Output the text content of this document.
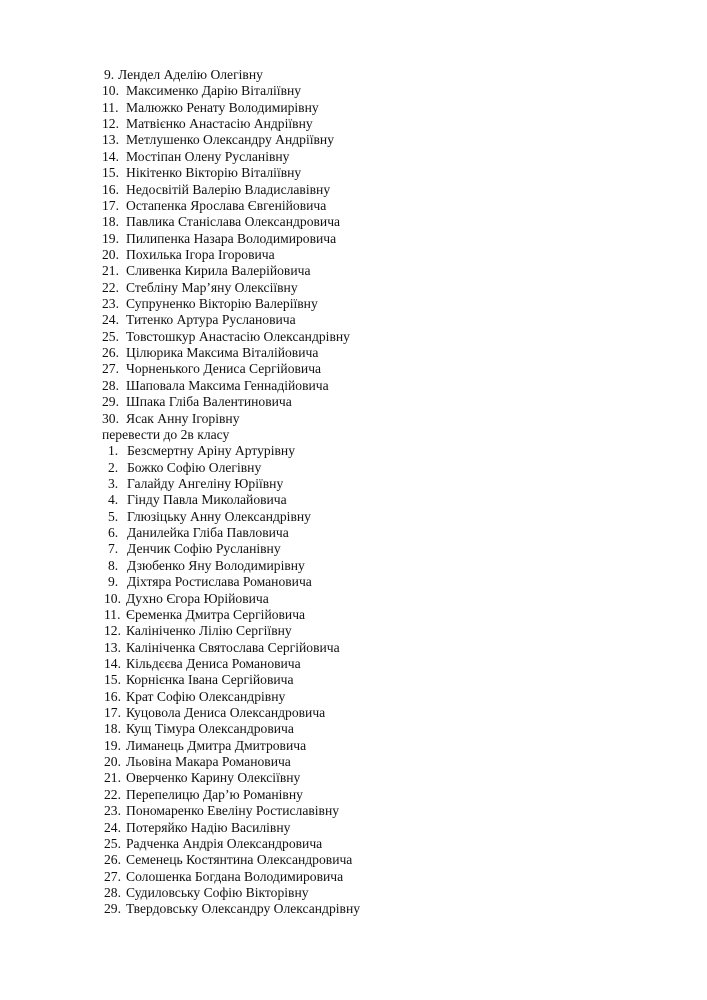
9. Лендел Аделію Олегівну
10. Максименко Дарію Віталіївну
11. Малюжко Ренату Володимирівну
12. Матвієнко Анастасію Андріївну
13. Метлушенко Олександру Андріївну
14. Мостіпан Олену Русланівну
15. Нікітенко Вікторію Віталіївну
16. Недосвітій Валерію Владиславівну
17. Остапенка Ярослава Євгенійовича
18. Павлика Станіслава Олександровича
19. Пилипенка Назара Володимировича
20. Похилька Ігора Ігоровича
21. Сливенка Кирила Валерійовича
22. Стебліну Мар’яну Олексіївну
23. Супруненко Вікторію Валеріївну
24. Титенко Артура Руслановича
25. Товстошкур Анастасію Олександрівну
26. Цілюрика Максима Віталійовича
27. Чорненького Дениса Сергійовича
28. Шаповала Максима Геннадійовича
29. Шпака Гліба Валентиновича
30. Ясак Анну Ігорівну
перевести до 2в класу
1. Безсмертну Аріну Артурівну
2. Божко Софію Олегівну
3. Галайду Ангеліну Юріївну
4. Гінду Павла Миколайовича
5. Глюзіцьку Анну Олександрівну
6. Данилейка Гліба Павловича
7. Денчик Софію Русланівну
8. Дзюбенко Яну Володимирівну
9. Діхтяра Ростислава Романовича
10. Духно Єгора Юрійовича
11. Єременка Дмитра Сергійовича
12. Калініченко Лілію Сергіївну
13. Калініченка Святослава Сергійовича
14. Кільдєєва Дениса Романовича
15. Корнієнка Івана Сергійовича
16. Крат Софію Олександрівну
17. Куцовола Дениса Олександровича
18. Кущ Тімура Олександровича
19. Лиманець Дмитра Дмитровича
20. Льовіна Макара Романовича
21. Оверченко Карину Олексіївну
22. Перепелицю Дар’ю Романівну
23. Пономаренко Евеліну Ростиславівну
24. Потеряйко Надію Василівну
25. Радченка Андрія Олександровича
26. Семенець Костянтина Олександровича
27. Солошенка Богдана Володимировича
28. Судиловську Софію Вікторівну
29. Твердовську Олександру Олександрівну
